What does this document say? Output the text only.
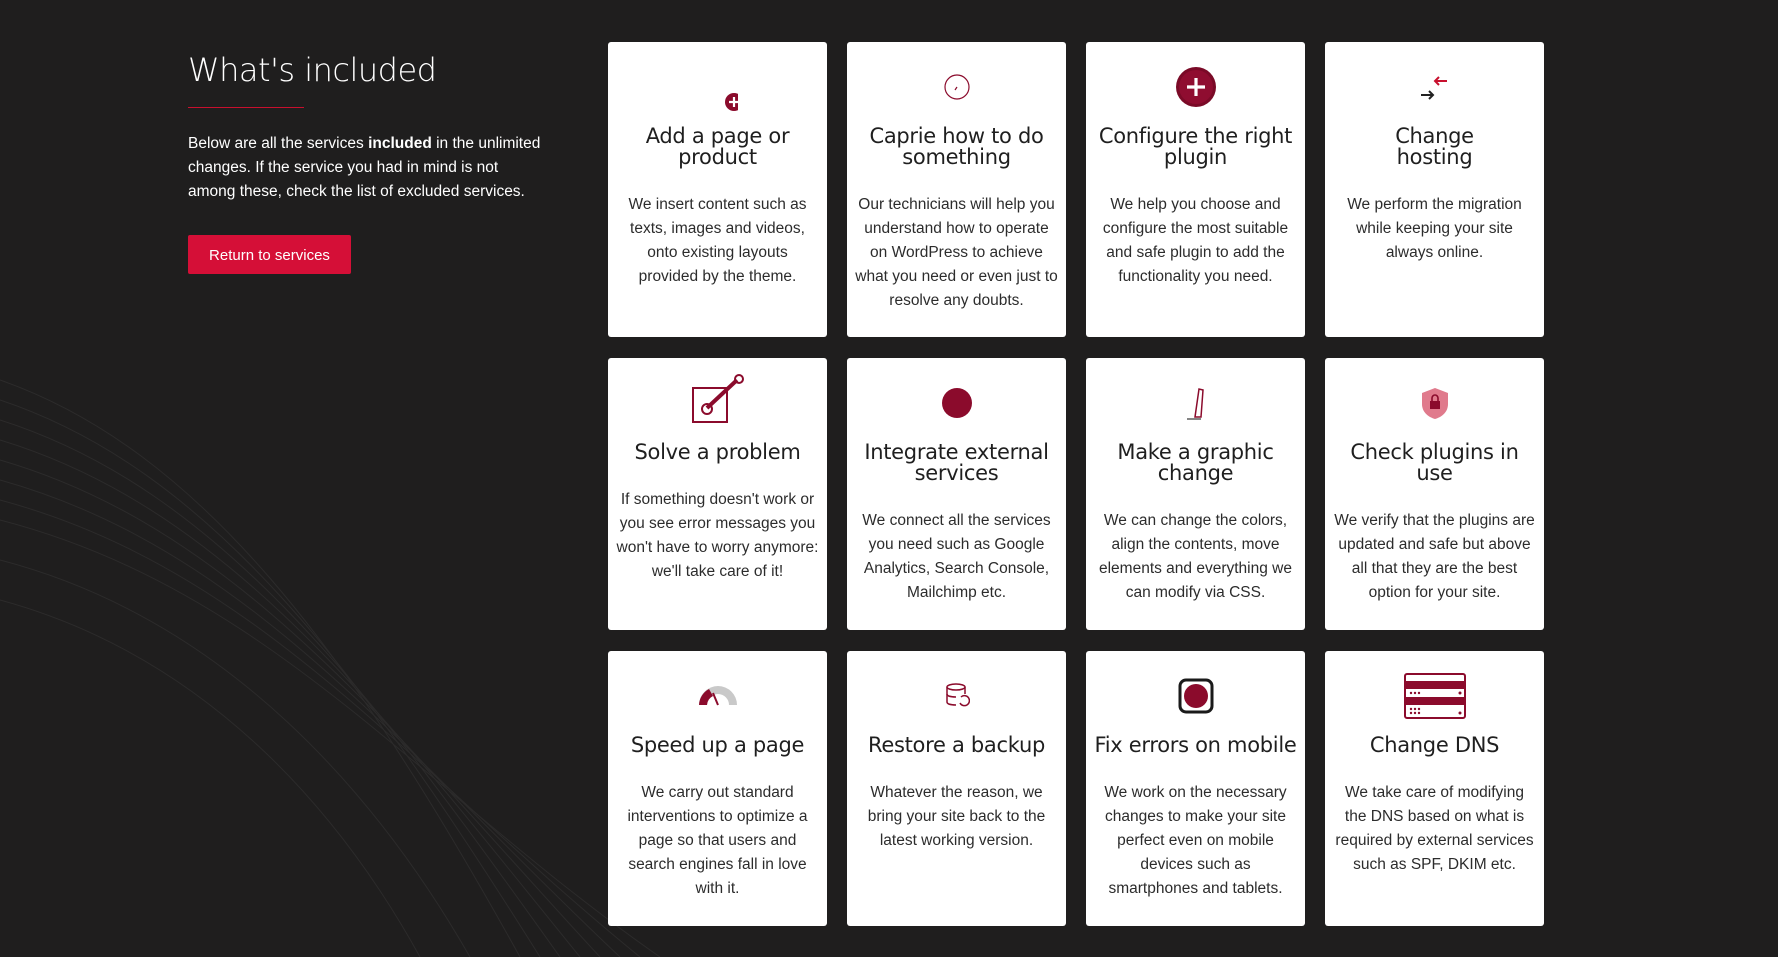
What's included

Below are all the services included in the unlimited changes. If the service you had in mind is not among these, check the list of excluded services.

Return to services
Add a page or product

We insert content such as texts, images and videos, onto existing layouts provided by the theme.

Caprie how to do something

Our technicians will help you understand how to operate on WordPress to achieve what you need or even just to resolve any doubts.

Configure the right plugin

We help you choose and configure the most suitable and safe plugin to add the functionality you need.

Change hosting

We perform the migration while keeping your site always online.

Solve a problem

If something doesn't work or you see error messages you won't have to worry anymore: we'll take care of it!

Integrate external services

We connect all the services you need such as Google Analytics, Search Console, Mailchimp etc.

Make a graphic change

We can change the colors, align the contents, move elements and everything we can modify via CSS.

Check plugins in use

We verify that the plugins are updated and safe but above all that they are the best option for your site.

Speed up a page

We carry out standard interventions to optimize a page so that users and search engines fall in love with it.

Restore a backup

Whatever the reason, we bring your site back to the latest working version.

Fix errors on mobile

We work on the necessary changes to make your site perfect even on mobile devices such as smartphones and tablets.

Change DNS

We take care of modifying the DNS based on what is required by external services such as SPF, DKIM etc.
